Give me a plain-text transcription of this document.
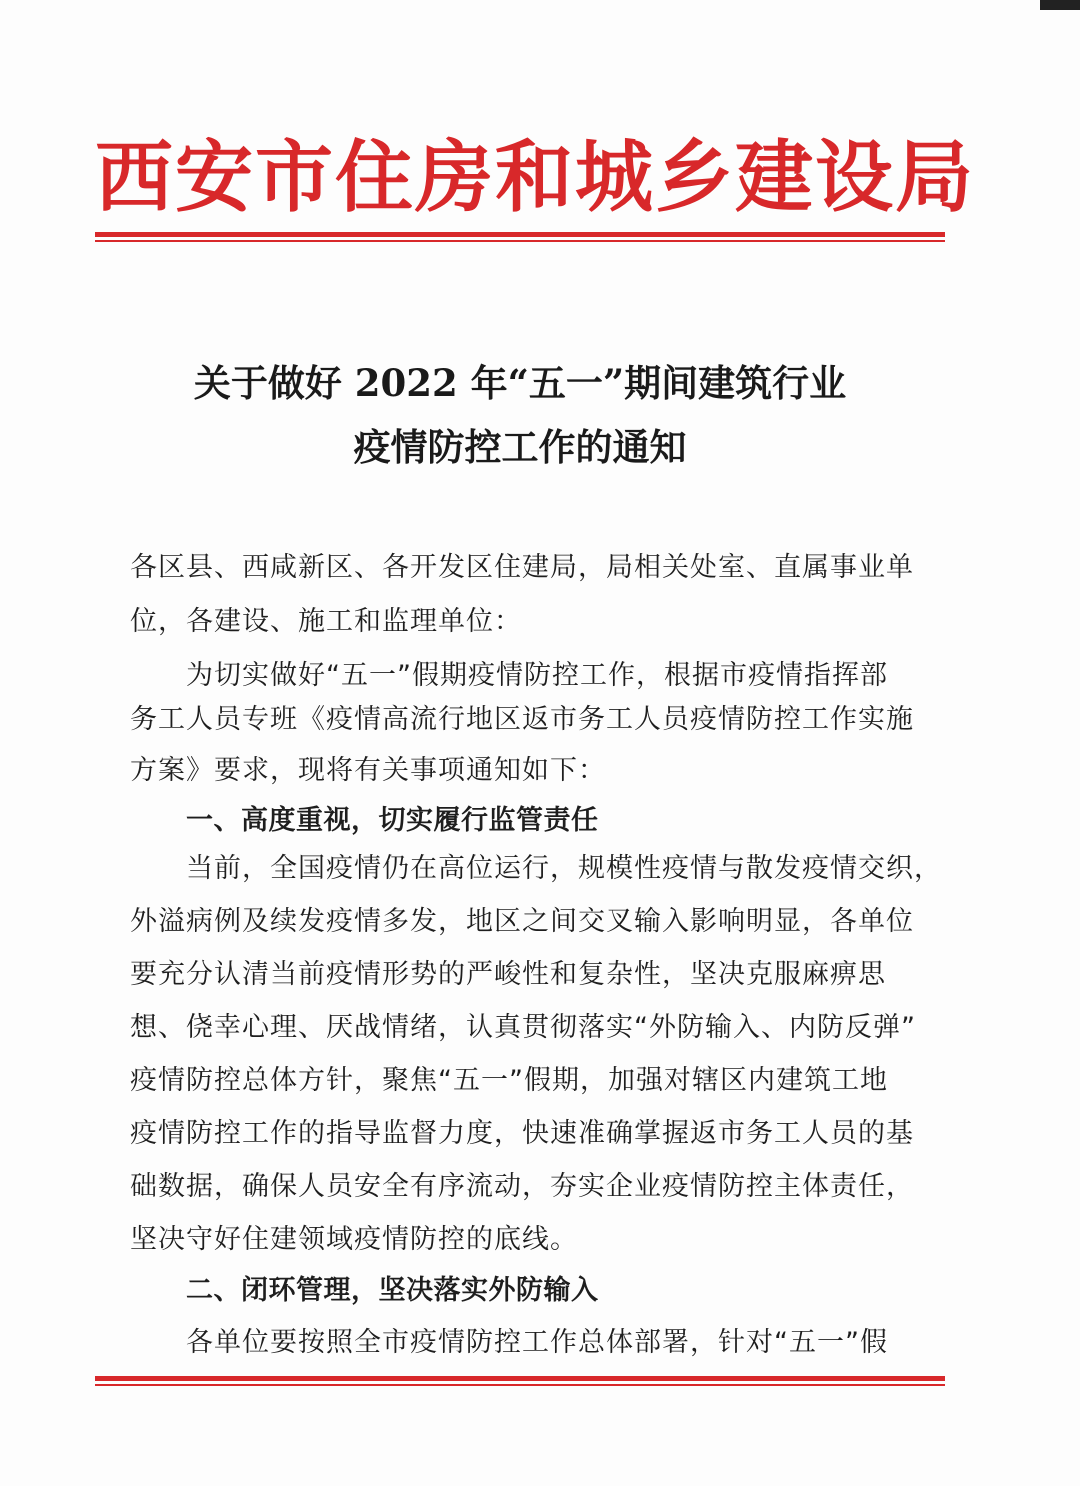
西安市住房和城乡建设局
关于做好 2022 年“五一”期间建筑行业
疫情防控工作的通知
各区县、西咸新区、各开发区住建局，局相关处室、直属事业单
位，各建设、施工和监理单位：
为切实做好“五一”假期疫情防控工作，根据市疫情指挥部
务工人员专班《疫情高流行地区返市务工人员疫情防控工作实施
方案》要求，现将有关事项通知如下：
一、高度重视，切实履行监管责任
当前，全国疫情仍在高位运行，规模性疫情与散发疫情交织，
外溢病例及续发疫情多发，地区之间交叉输入影响明显，各单位
要充分认清当前疫情形势的严峻性和复杂性，坚决克服麻痹思
想、侥幸心理、厌战情绪，认真贯彻落实“外防输入、内防反弹”
疫情防控总体方针，聚焦“五一”假期，加强对辖区内建筑工地
疫情防控工作的指导监督力度，快速准确掌握返市务工人员的基
础数据，确保人员安全有序流动，夯实企业疫情防控主体责任，
坚决守好住建领域疫情防控的底线。
二、闭环管理，坚决落实外防输入
各单位要按照全市疫情防控工作总体部署，针对“五一”假
